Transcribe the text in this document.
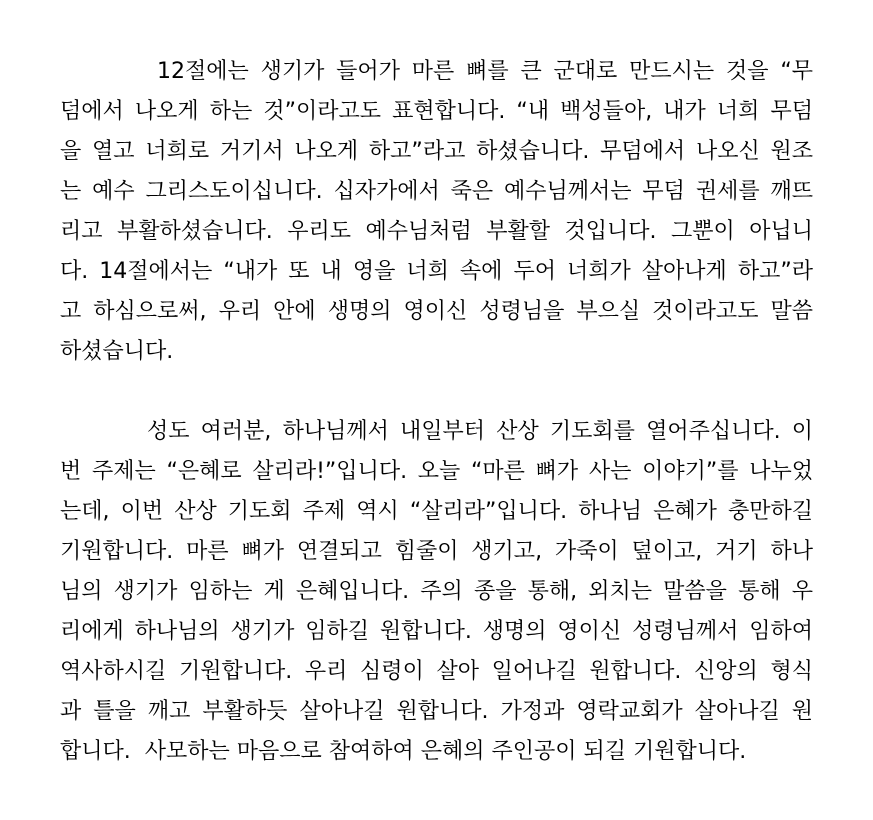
12절에는 생기가 들어가 마른 뼈를 큰 군대로 만드시는 것을 “무
덤에서 나오게 하는 것”이라고도 표현합니다. “내 백성들아, 내가 너희 무덤
을 열고 너희로 거기서 나오게 하고”라고 하셨습니다. 무덤에서 나오신 원조
는 예수 그리스도이십니다. 십자가에서 죽은 예수님께서는 무덤 권세를 깨뜨
리고 부활하셨습니다. 우리도 예수님처럼 부활할 것입니다. 그뿐이 아닙니
다. 14절에서는 “내가 또 내 영을 너희 속에 두어 너희가 살아나게 하고”라
고 하심으로써, 우리 안에 생명의 영이신 성령님을 부으실 것이라고도 말씀
하셨습니다.
성도 여러분, 하나님께서 내일부터 산상 기도회를 열어주십니다. 이
번 주제는 “은혜로 살리라!”입니다. 오늘 “마른 뼈가 사는 이야기”를 나누었
는데, 이번 산상 기도회 주제 역시 “살리라”입니다. 하나님 은혜가 충만하길
기원합니다. 마른 뼈가 연결되고 힘줄이 생기고, 가죽이 덮이고, 거기 하나
님의 생기가 임하는 게 은혜입니다. 주의 종을 통해, 외치는 말씀을 통해 우
리에게 하나님의 생기가 임하길 원합니다. 생명의 영이신 성령님께서 임하여
역사하시길 기원합니다. 우리 심령이 살아 일어나길 원합니다. 신앙의 형식
과 틀을 깨고 부활하듯 살아나길 원합니다. 가정과 영락교회가 살아나길 원
합니다.  사모하는 마음으로 참여하여 은혜의 주인공이 되길 기원합니다.
